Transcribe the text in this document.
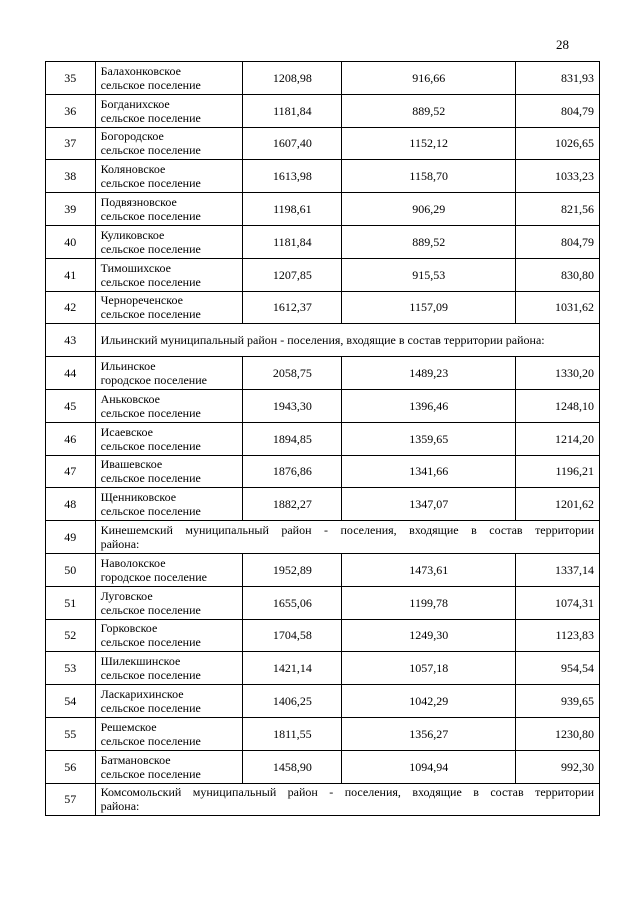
28
35	Балахонковское
сельское поселение	1208,98	916,66	831,93
36	Богданихское
сельское поселение	1181,84	889,52	804,79
37	Богородское
сельское поселение	1607,40	1152,12	1026,65
38	Коляновское
сельское поселение	1613,98	1158,70	1033,23
39	Подвязновское
сельское поселение	1198,61	906,29	821,56
40	Куликовское
сельское поселение	1181,84	889,52	804,79
41	Тимошихское
сельское поселение	1207,85	915,53	830,80
42	Чернореченское
сельское поселение	1612,37	1157,09	1031,62
43	Ильинский муниципальный район - поселения, входящие в состав территории района:			

44	Ильинское
городское поселение	2058,75	1489,23	1330,20
45	Аньковское
сельское поселение	1943,30	1396,46	1248,10
46	Исаевское
сельское поселение	1894,85	1359,65	1214,20
47	Ивашевское
сельское поселение	1876,86	1341,66	1196,21
48	Щенниковское
сельское поселение	1882,27	1347,07	1201,62
49	Кинешемский муниципальный район - поселения, входящие в состав территории
района:			

50	Наволокское
городское поселение	1952,89	1473,61	1337,14
51	Луговское
сельское поселение	1655,06	1199,78	1074,31
52	Горковское
сельское поселение	1704,58	1249,30	1123,83
53	Шилекшинское
сельское поселение	1421,14	1057,18	954,54
54	Ласкарихинское
сельское поселение	1406,25	1042,29	939,65
55	Решемское
сельское поселение	1811,55	1356,27	1230,80
56	Батмановское
сельское поселение	1458,90	1094,94	992,30
57	Комсомольский муниципальный район - поселения, входящие в состав территории
района:			
